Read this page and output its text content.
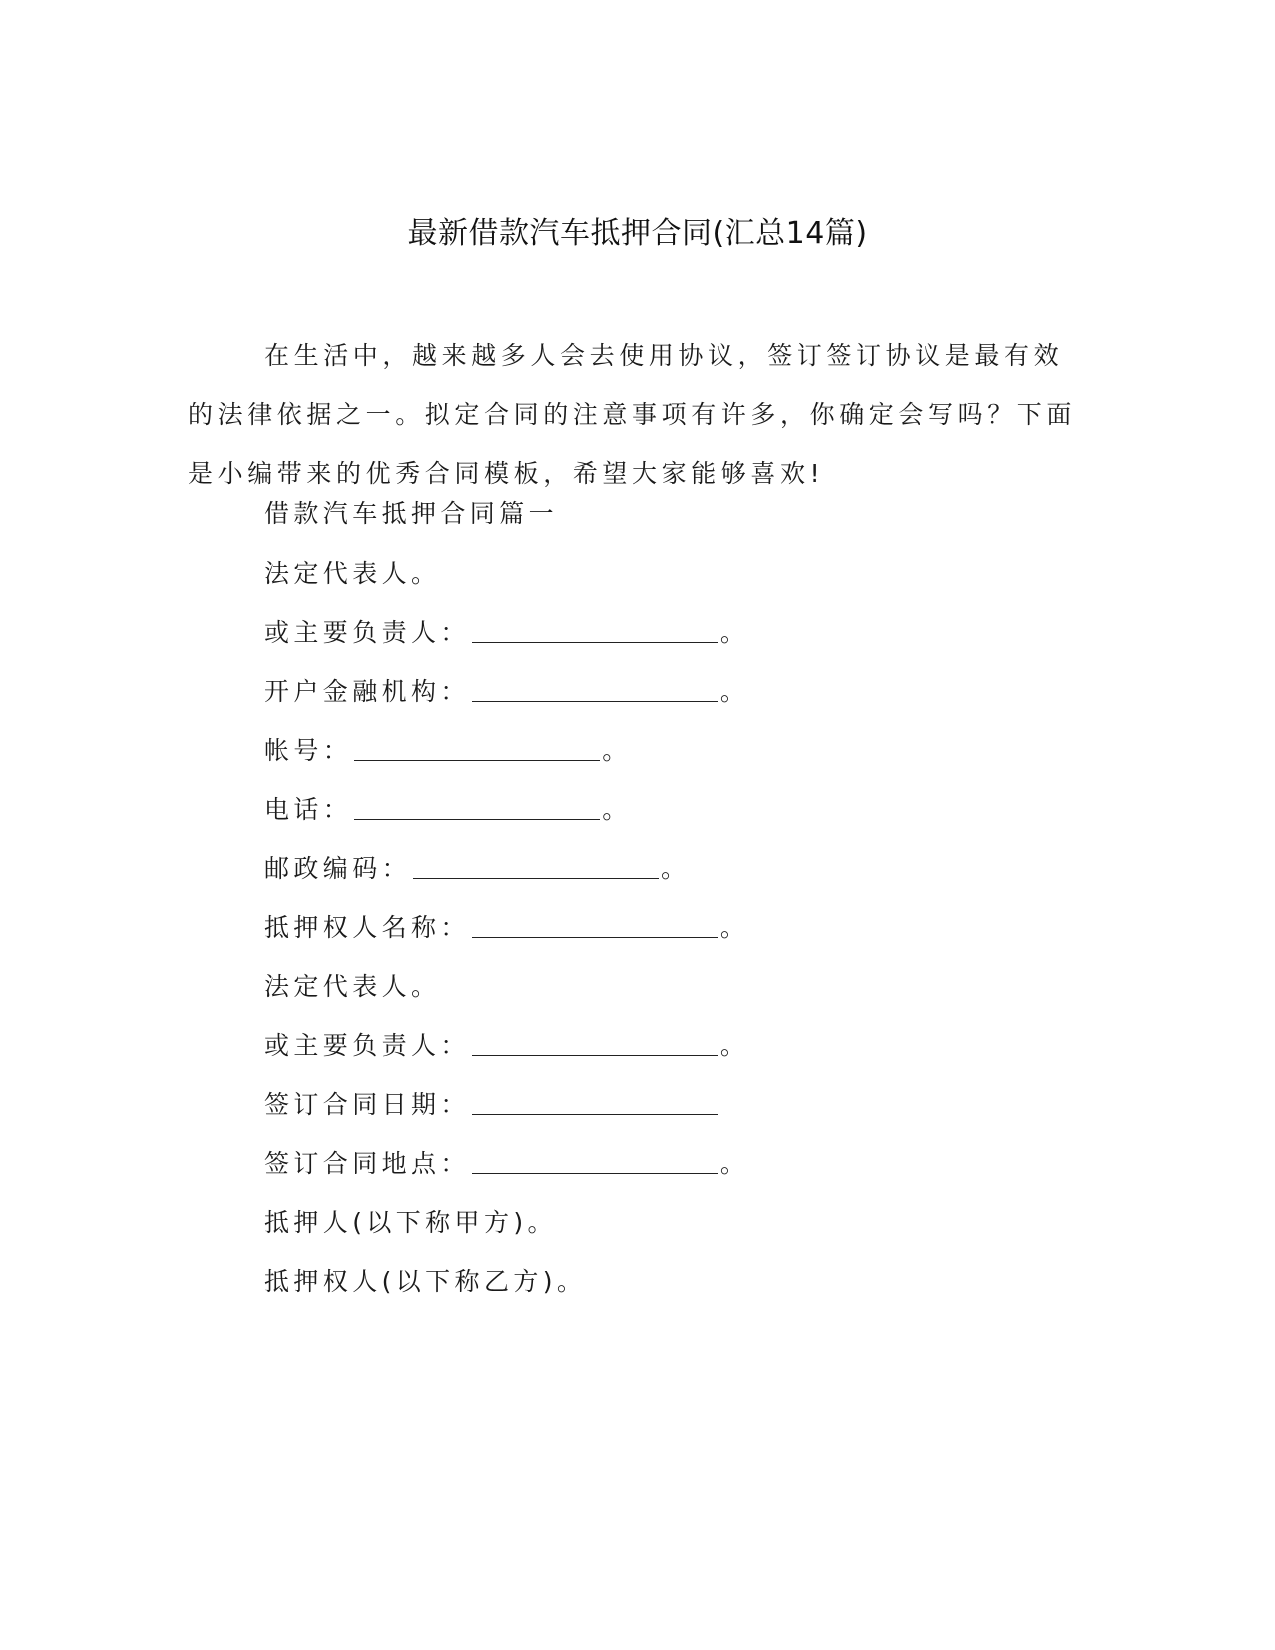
最新借款汽车抵押合同(汇总14篇)
在生活中，越来越多人会去使用协议，签订签订协议是最有效的法律依据之一。拟定合同的注意事项有许多，你确定会写吗？下面是小编带来的优秀合同模板，希望大家能够喜欢!
借款汽车抵押合同篇一
法定代表人。
或主要负责人：	。
开户金融机构：	。
帐号：	。
电话：	。
邮政编码：	。
抵押权人名称：	。
法定代表人。
或主要负责人：	。
签订合同日期：
签订合同地点：	。
抵押人(以下称甲方)。
抵押权人(以下称乙方)。
